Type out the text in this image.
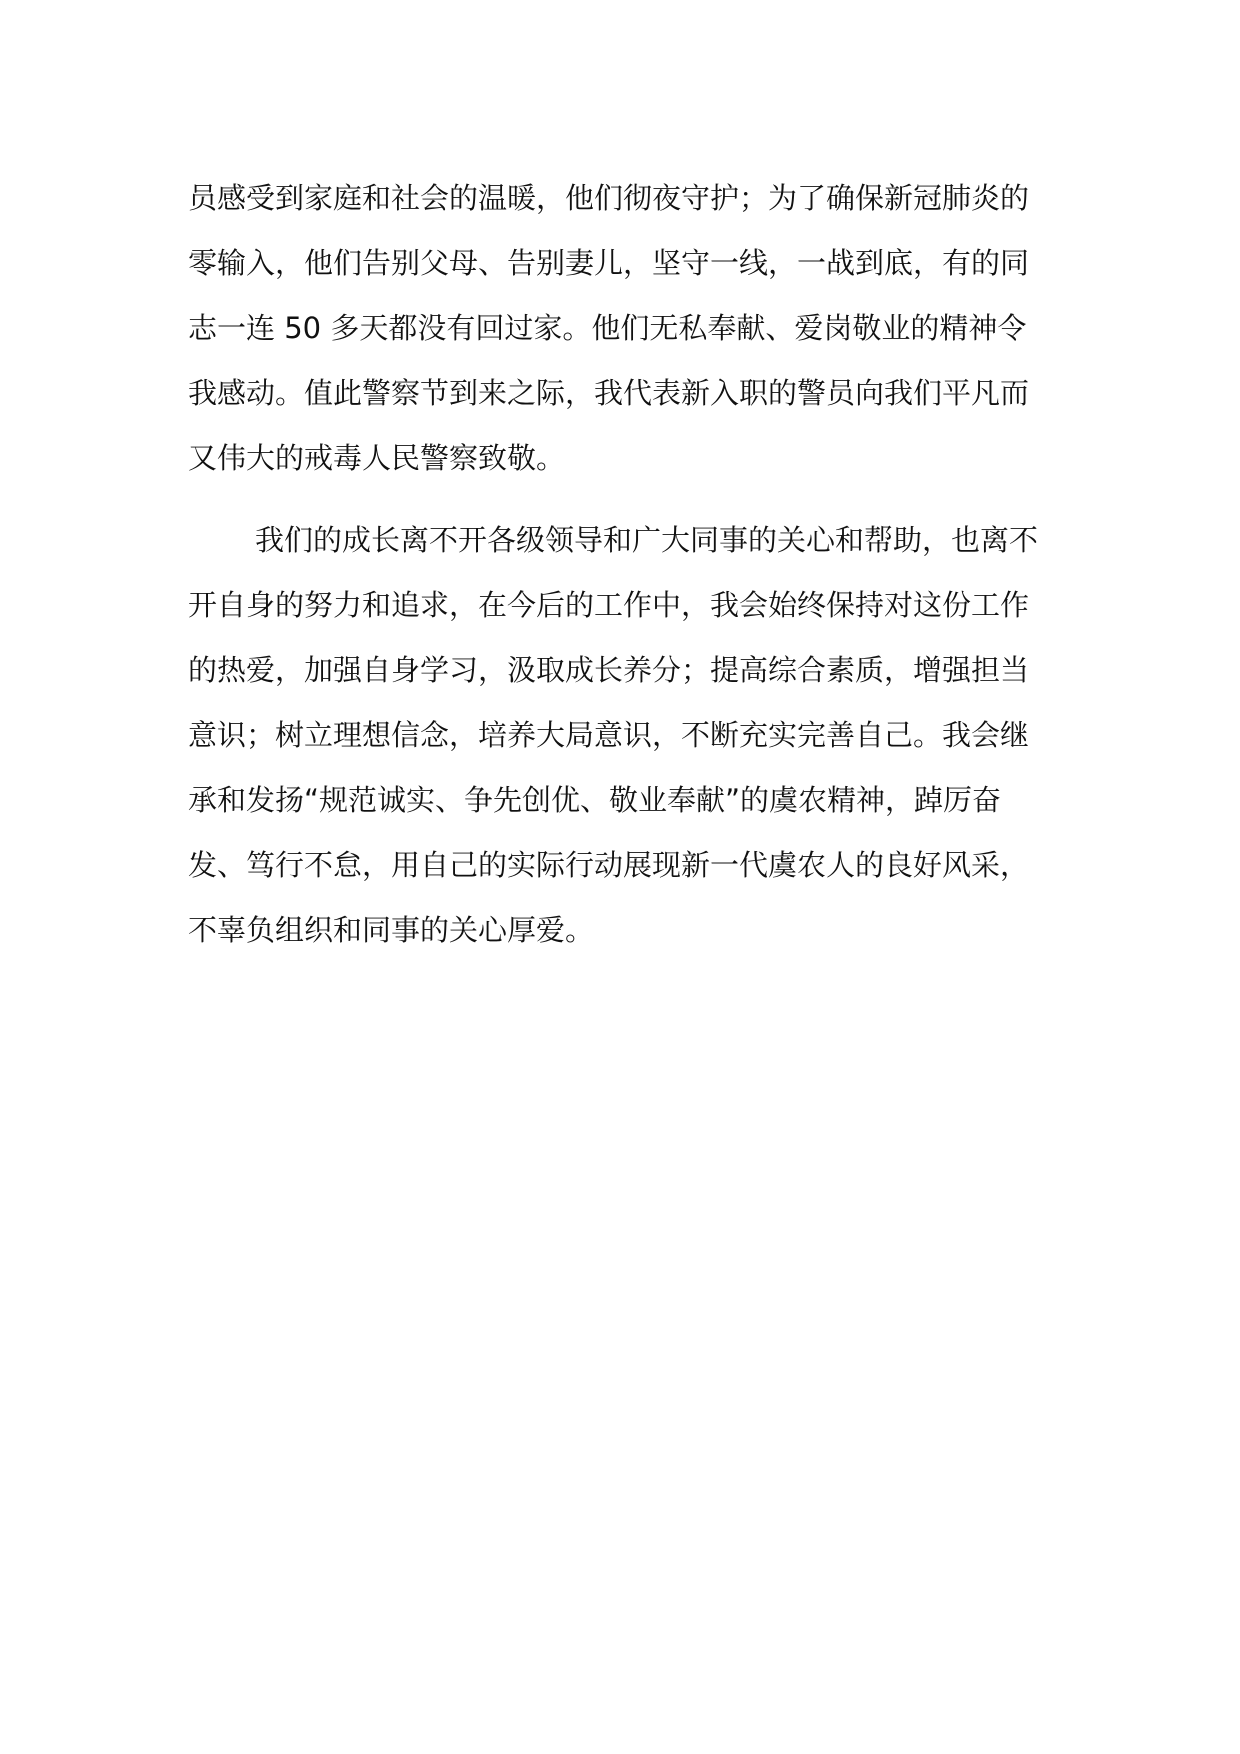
员感受到家庭和社会的温暖，他们彻夜守护；为了确保新冠肺炎的
零输入，他们告别父母、告别妻儿，坚守一线，一战到底，有的同
志一连 50 多天都没有回过家。他们无私奉献、爱岗敬业的精神令
我感动。值此警察节到来之际，我代表新入职的警员向我们平凡而
又伟大的戒毒人民警察致敬。
我们的成长离不开各级领导和广大同事的关心和帮助，也离不
开自身的努力和追求，在今后的工作中，我会始终保持对这份工作
的热爱，加强自身学习，汲取成长养分；提高综合素质，增强担当
意识；树立理想信念，培养大局意识，不断充实完善自己。我会继
承和发扬“规范诚实、争先创优、敬业奉献”的虞农精神，踔厉奋
发、笃行不怠，用自己的实际行动展现新一代虞农人的良好风采，
不辜负组织和同事的关心厚爱。
